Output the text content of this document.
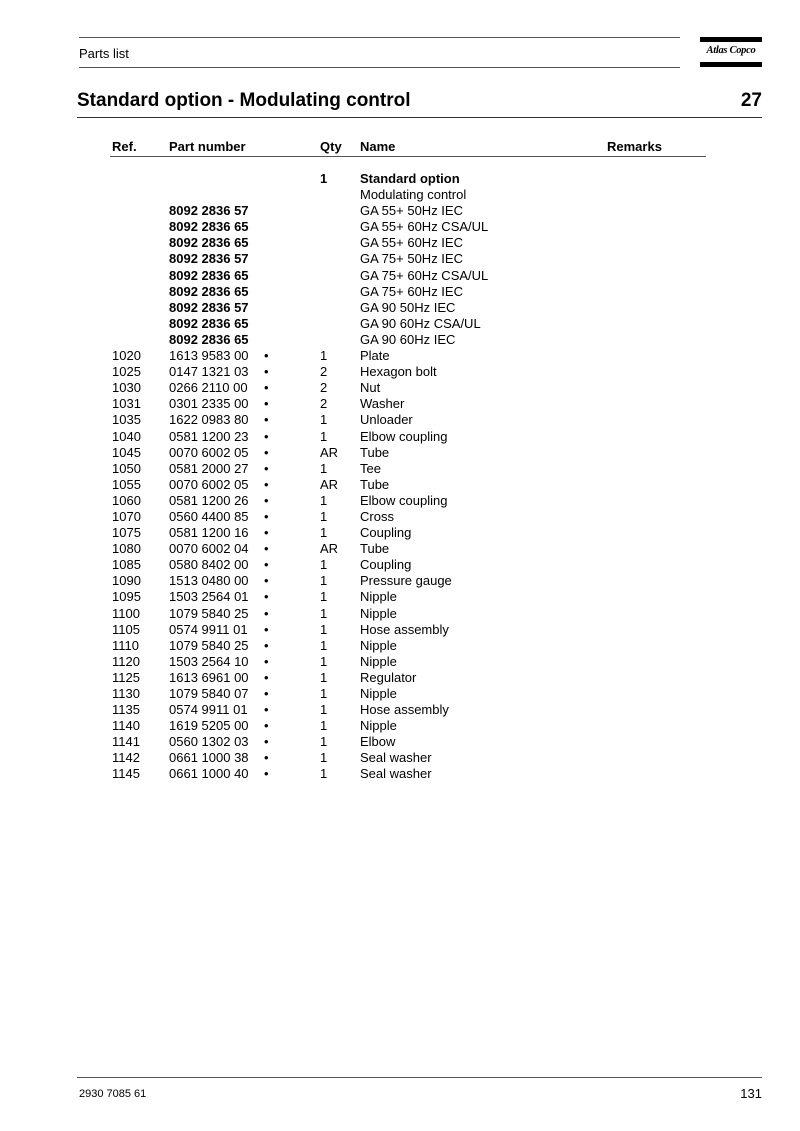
Parts list	Atlas Copco
Standard option - Modulating control	27
Ref. Part number	Qty Name	Remarks
1	Standard option
Modulating control
8092 2836 57	GA 55+ 50Hz IEC
8092 2836 65	GA 55+ 60Hz CSA/UL
8092 2836 65	GA 55+ 60Hz IEC
8092 2836 57	GA 75+ 50Hz IEC
8092 2836 65	GA 75+ 60Hz CSA/UL
8092 2836 65	GA 75+ 60Hz IEC
8092 2836 57	GA 90 50Hz IEC
8092 2836 65	GA 90 60Hz CSA/UL
8092 2836 65	GA 90 60Hz IEC
1020 1613 9583 00 •	1	Plate
1025 0147 1321 03 •	2	Hexagon bolt
1030 0266 2110 00 •	2	Nut
1031 0301 2335 00 •	2	Washer
1035 1622 0983 80 •	1	Unloader
1040 0581 1200 23 •	1	Elbow coupling
1045 0070 6002 05 •	AR Tube
1050 0581 2000 27 •	1	Tee
1055 0070 6002 05 •	AR Tube
1060 0581 1200 26 •	1	Elbow coupling
1070 0560 4400 85 •	1	Cross
1075 0581 1200 16 •	1	Coupling
1080 0070 6002 04 •	AR Tube
1085 0580 8402 00 •	1	Coupling
1090 1513 0480 00 •	1	Pressure gauge
1095 1503 2564 01 •	1	Nipple
1100 1079 5840 25 •	1	Nipple
1105 0574 9911 01 •	1	Hose assembly
1110 1079 5840 25 •	1	Nipple
1120 1503 2564 10 •	1	Nipple
1125 1613 6961 00 •	1	Regulator
1130 1079 5840 07 •	1	Nipple
1135 0574 9911 01 •	1	Hose assembly
1140 1619 5205 00 •	1	Nipple
1141 0560 1302 03 •	1	Elbow
1142 0661 1000 38 •	1	Seal washer
1145 0661 1000 40 •	1	Seal washer
2930 7085 61	131
